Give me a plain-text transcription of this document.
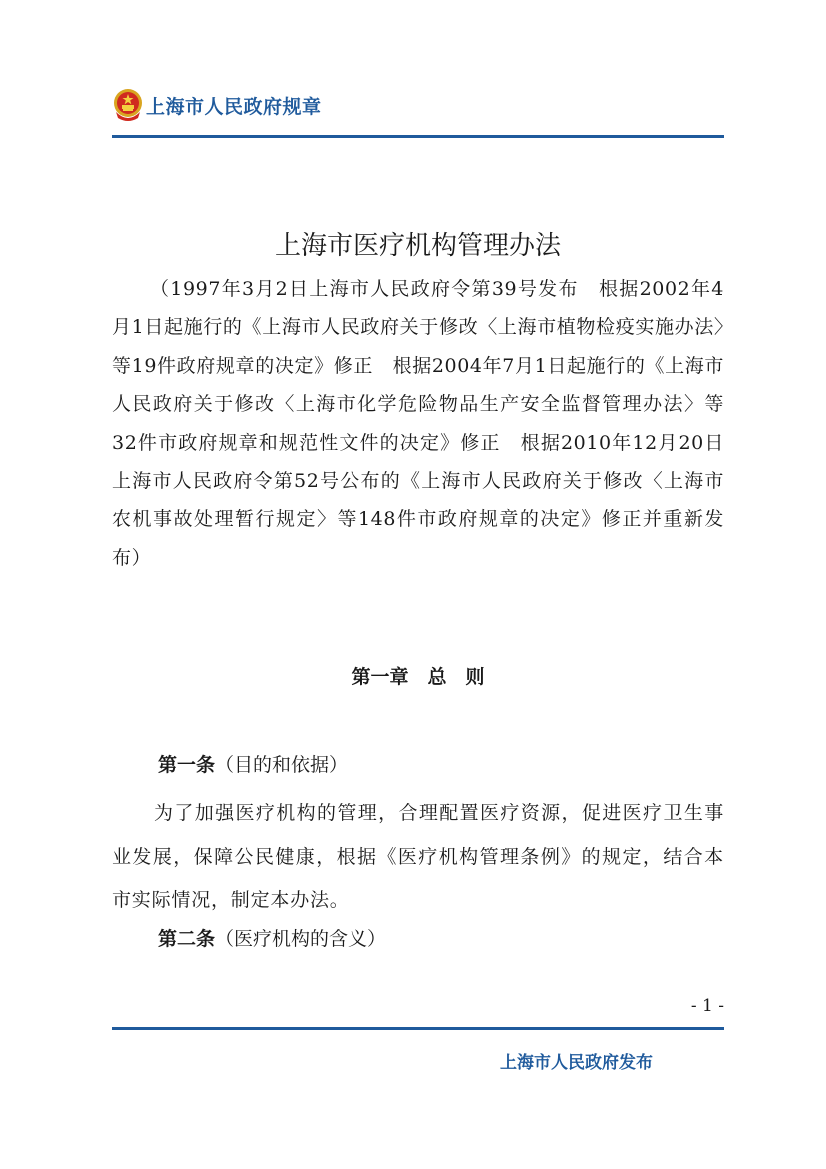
上海市人民政府规章
上海市医疗机构管理办法

（1997年3月2日上海市人民政府令第39号发布　根据2002年4月1日起施行的《上海市人民政府关于修改〈上海市植物检疫实施办法〉等19件政府规章的决定》修正　根据2004年7月1日起施行的《上海市人民政府关于修改〈上海市化学危险物品生产安全监督管理办法〉等32件市政府规章和规范性文件的决定》修正　根据2010年12月20日上海市人民政府令第52号公布的《上海市人民政府关于修改〈上海市农机事故处理暂行规定〉等148件市政府规章的决定》修正并重新发布）

第一章　总　则
第一条（目的和依据）

为了加强医疗机构的管理，合理配置医疗资源，促进医疗卫生事业发展，保障公民健康，根据《医疗机构管理条例》的规定，结合本市实际情况，制定本办法。

第二条（医疗机构的含义）
- 1 -
上海市人民政府发布
